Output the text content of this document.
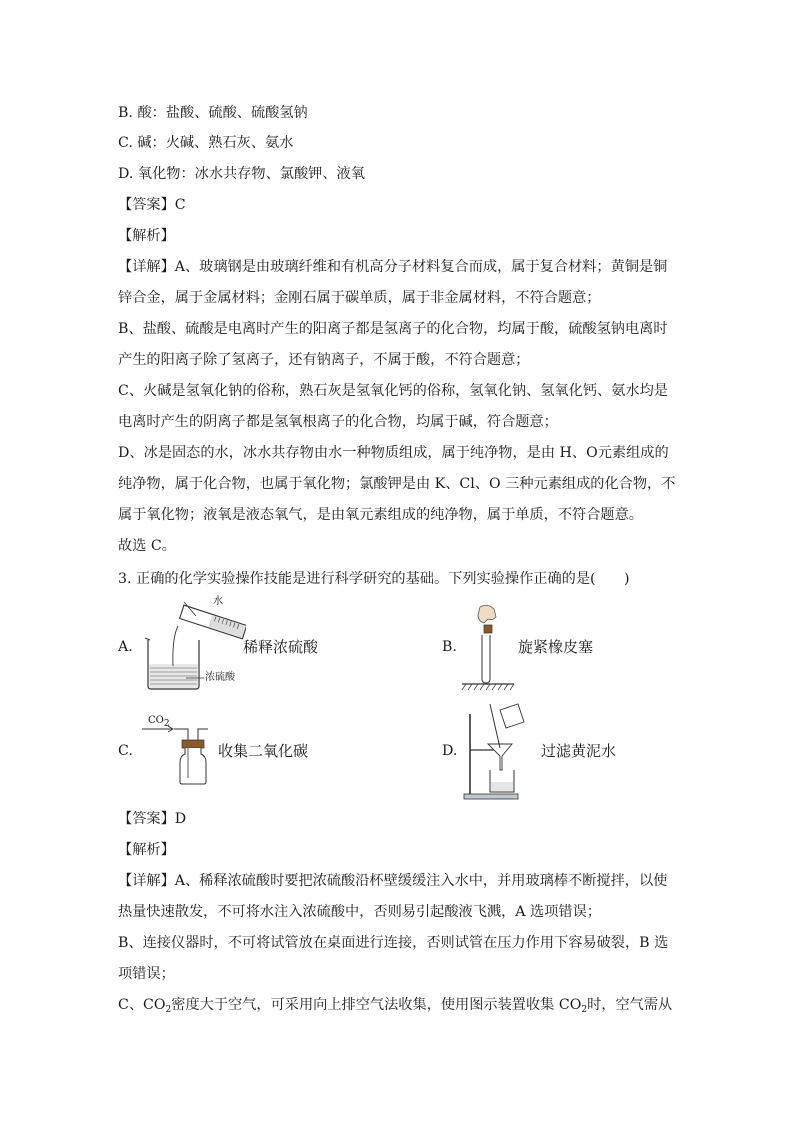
B. 酸：盐酸、硫酸、硫酸氢钠
C. 碱：火碱、熟石灰、氨水
D. 氧化物：冰水共存物、氯酸钾、液氧
【答案】C
【解析】
【详解】A、玻璃钢是由玻璃纤维和有机高分子材料复合而成，属于复合材料；黄铜是铜
锌合金，属于金属材料；金刚石属于碳单质，属于非金属材料，不符合题意；
B、盐酸、硫酸是电离时产生的阳离子都是氢离子的化合物，均属于酸，硫酸氢钠电离时
产生的阳离子除了氢离子，还有钠离子，不属于酸，不符合题意；
C、火碱是氢氧化钠的俗称，熟石灰是氢氧化钙的俗称，氢氧化钠、氢氧化钙、氨水均是
电离时产生的阴离子都是氢氧根离子的化合物，均属于碱，符合题意；
D、冰是固态的水，冰水共存物由水一种物质组成，属于纯净物，是由 H、O元素组成的
纯净物，属于化合物，也属于氧化物；氯酸钾是由 K、Cl、O 三种元素组成的化合物，不
属于氧化物；液氧是液态氧气，是由氧元素组成的纯净物，属于单质，不符合题意。
故选 C。
3. 正确的化学实验操作技能是进行科学研究的基础。下列实验操作正确的是(　　)
A.
水
浓硫酸
稀释浓硫酸	B.	旋紧橡皮塞
C.
$CO_2$
收集二氧化碳	D.	过滤黄泥水
【答案】D
【解析】
【详解】A、稀释浓硫酸时要把浓硫酸沿杯壁缓缓注入水中，并用玻璃棒不断搅拌，以使
热量快速散发，不可将水注入浓硫酸中，否则易引起酸液飞溅，A 选项错误；
B、连接仪器时，不可将试管放在桌面进行连接，否则试管在压力作用下容易破裂，B 选
项错误；
C、$CO_2$密度大于空气，可采用向上排空气法收集，使用图示装置收集 $CO_2$时，空气需从
